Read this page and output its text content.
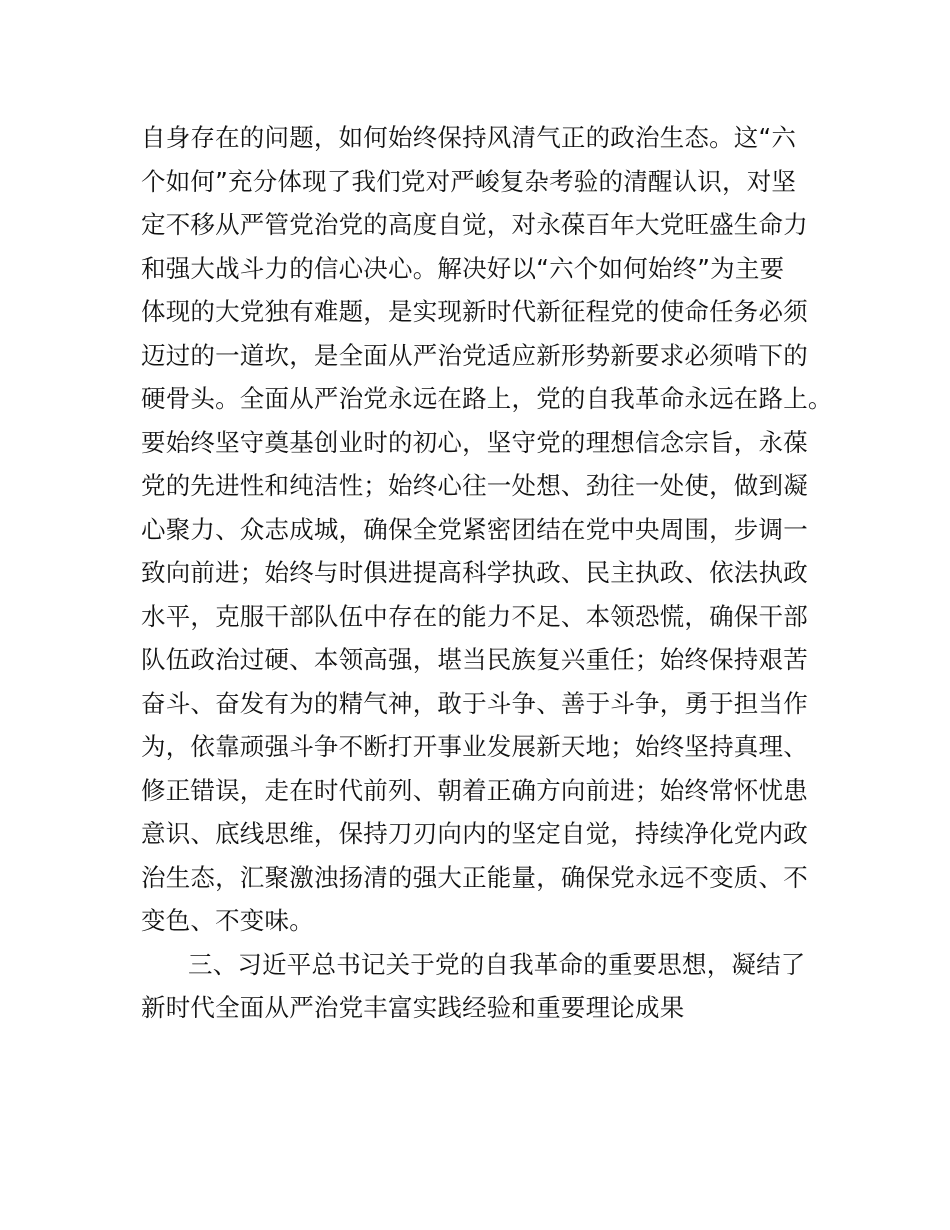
自身存在的问题，如何始终保持风清气正的政治生态。这“六
个如何”充分体现了我们党对严峻复杂考验的清醒认识，对坚
定不移从严管党治党的高度自觉，对永葆百年大党旺盛生命力
和强大战斗力的信心决心。解决好以“六个如何始终”为主要
体现的大党独有难题，是实现新时代新征程党的使命任务必须
迈过的一道坎，是全面从严治党适应新形势新要求必须啃下的
硬骨头。全面从严治党永远在路上，党的自我革命永远在路上。
要始终坚守奠基创业时的初心，坚守党的理想信念宗旨，永葆
党的先进性和纯洁性；始终心往一处想、劲往一处使，做到凝
心聚力、众志成城，确保全党紧密团结在党中央周围，步调一
致向前进；始终与时俱进提高科学执政、民主执政、依法执政
水平，克服干部队伍中存在的能力不足、本领恐慌，确保干部
队伍政治过硬、本领高强，堪当民族复兴重任；始终保持艰苦
奋斗、奋发有为的精气神，敢于斗争、善于斗争，勇于担当作
为，依靠顽强斗争不断打开事业发展新天地；始终坚持真理、
修正错误，走在时代前列、朝着正确方向前进；始终常怀忧患
意识、底线思维，保持刀刃向内的坚定自觉，持续净化党内政
治生态，汇聚激浊扬清的强大正能量，确保党永远不变质、不
变色、不变味。
三、习近平总书记关于党的自我革命的重要思想，凝结了
新时代全面从严治党丰富实践经验和重要理论成果
